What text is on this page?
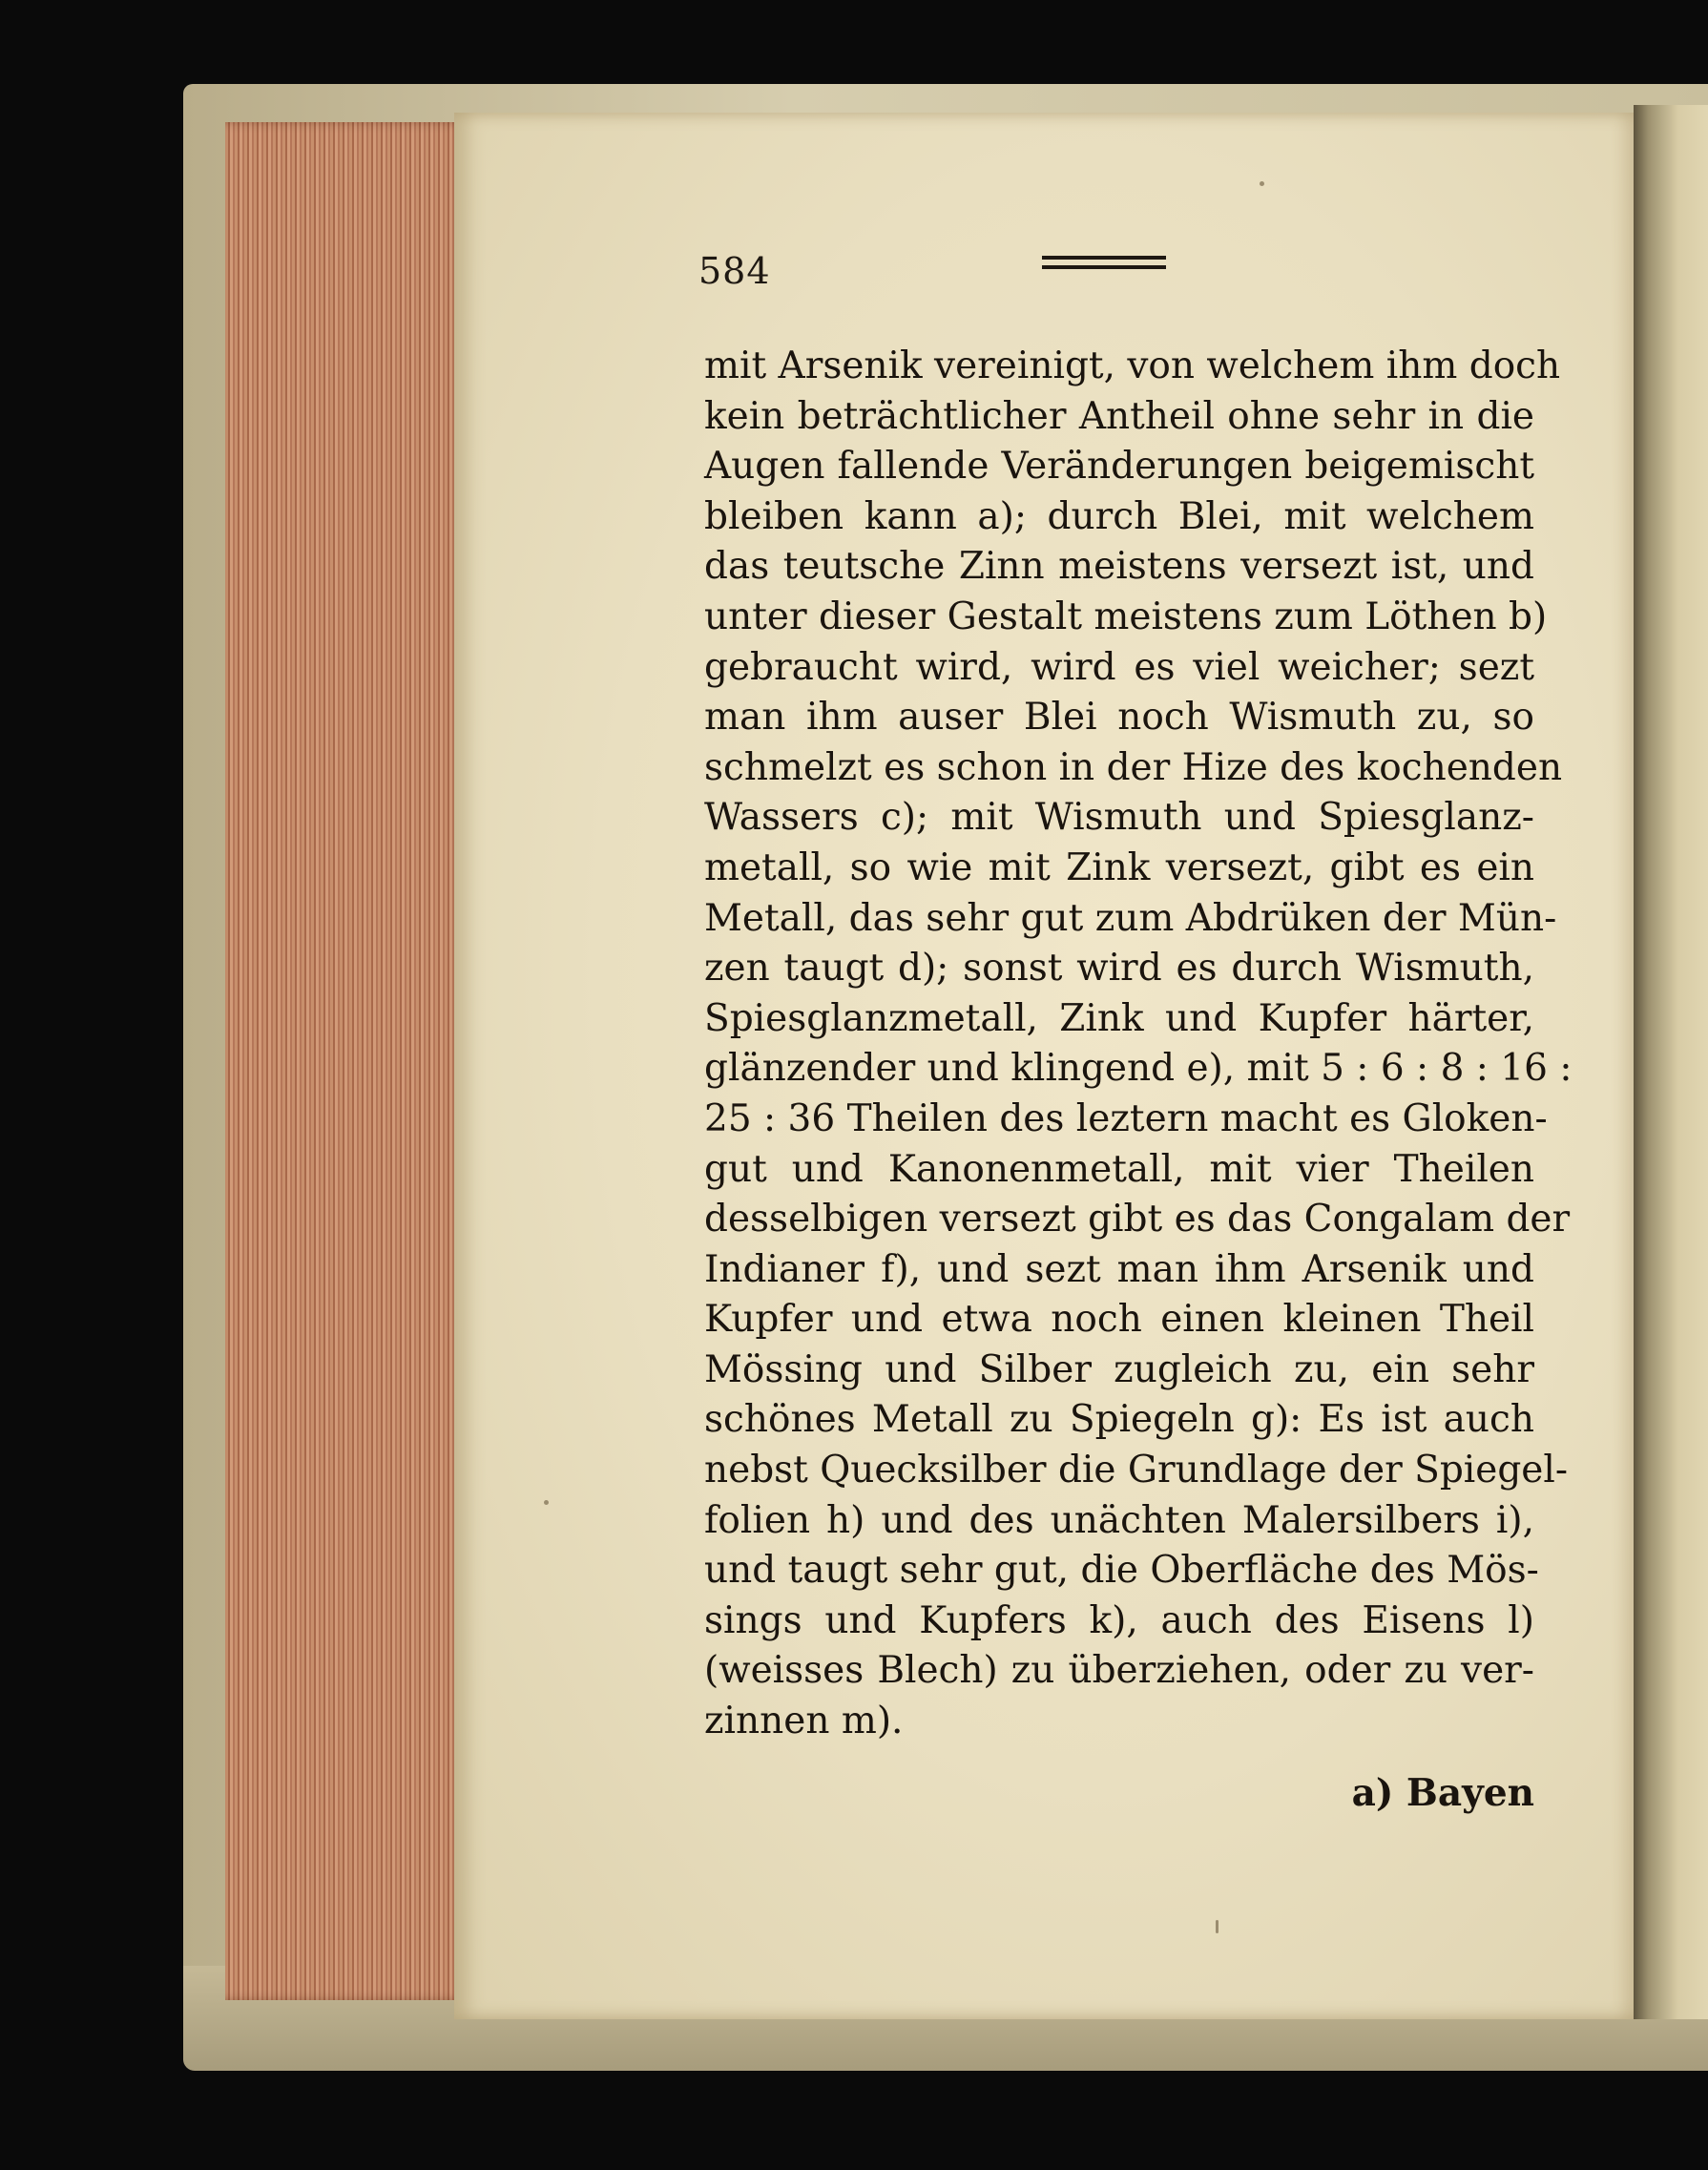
584
mit Arsenik vereinigt, von welchem ihm doch
kein beträchtlicher Antheil ohne sehr in die
Augen fallende Veränderungen beigemischt
bleiben kann a); durch Blei, mit welchem
das teutsche Zinn meistens versezt ist, und
unter dieser Gestalt meistens zum Löthen b)
gebraucht wird, wird es viel weicher; sezt
man ihm auser Blei noch Wismuth zu, so
schmelzt es schon in der Hize des kochenden
Wassers c); mit Wismuth und Spiesglanz-
metall, so wie mit Zink versezt, gibt es ein
Metall, das sehr gut zum Abdrüken der Mün-
zen taugt d); sonst wird es durch Wismuth,
Spiesglanzmetall, Zink und Kupfer härter,
glänzender und klingend e), mit 5 : 6 : 8 : 16 :
25 : 36 Theilen des leztern macht es Gloken-
gut und Kanonenmetall, mit vier Theilen
desselbigen versezt gibt es das Congalam der
Indianer f), und sezt man ihm Arsenik und
Kupfer und etwa noch einen kleinen Theil
Mössing und Silber zugleich zu, ein sehr
schönes Metall zu Spiegeln g): Es ist auch
nebst Quecksilber die Grundlage der Spiegel-
folien h) und des unächten Malersilbers i),
und taugt sehr gut, die Oberfläche des Mös-
sings und Kupfers k), auch des Eisens l)
(weisses Blech) zu überziehen, oder zu ver-
zinnen m).
a) Bayen
